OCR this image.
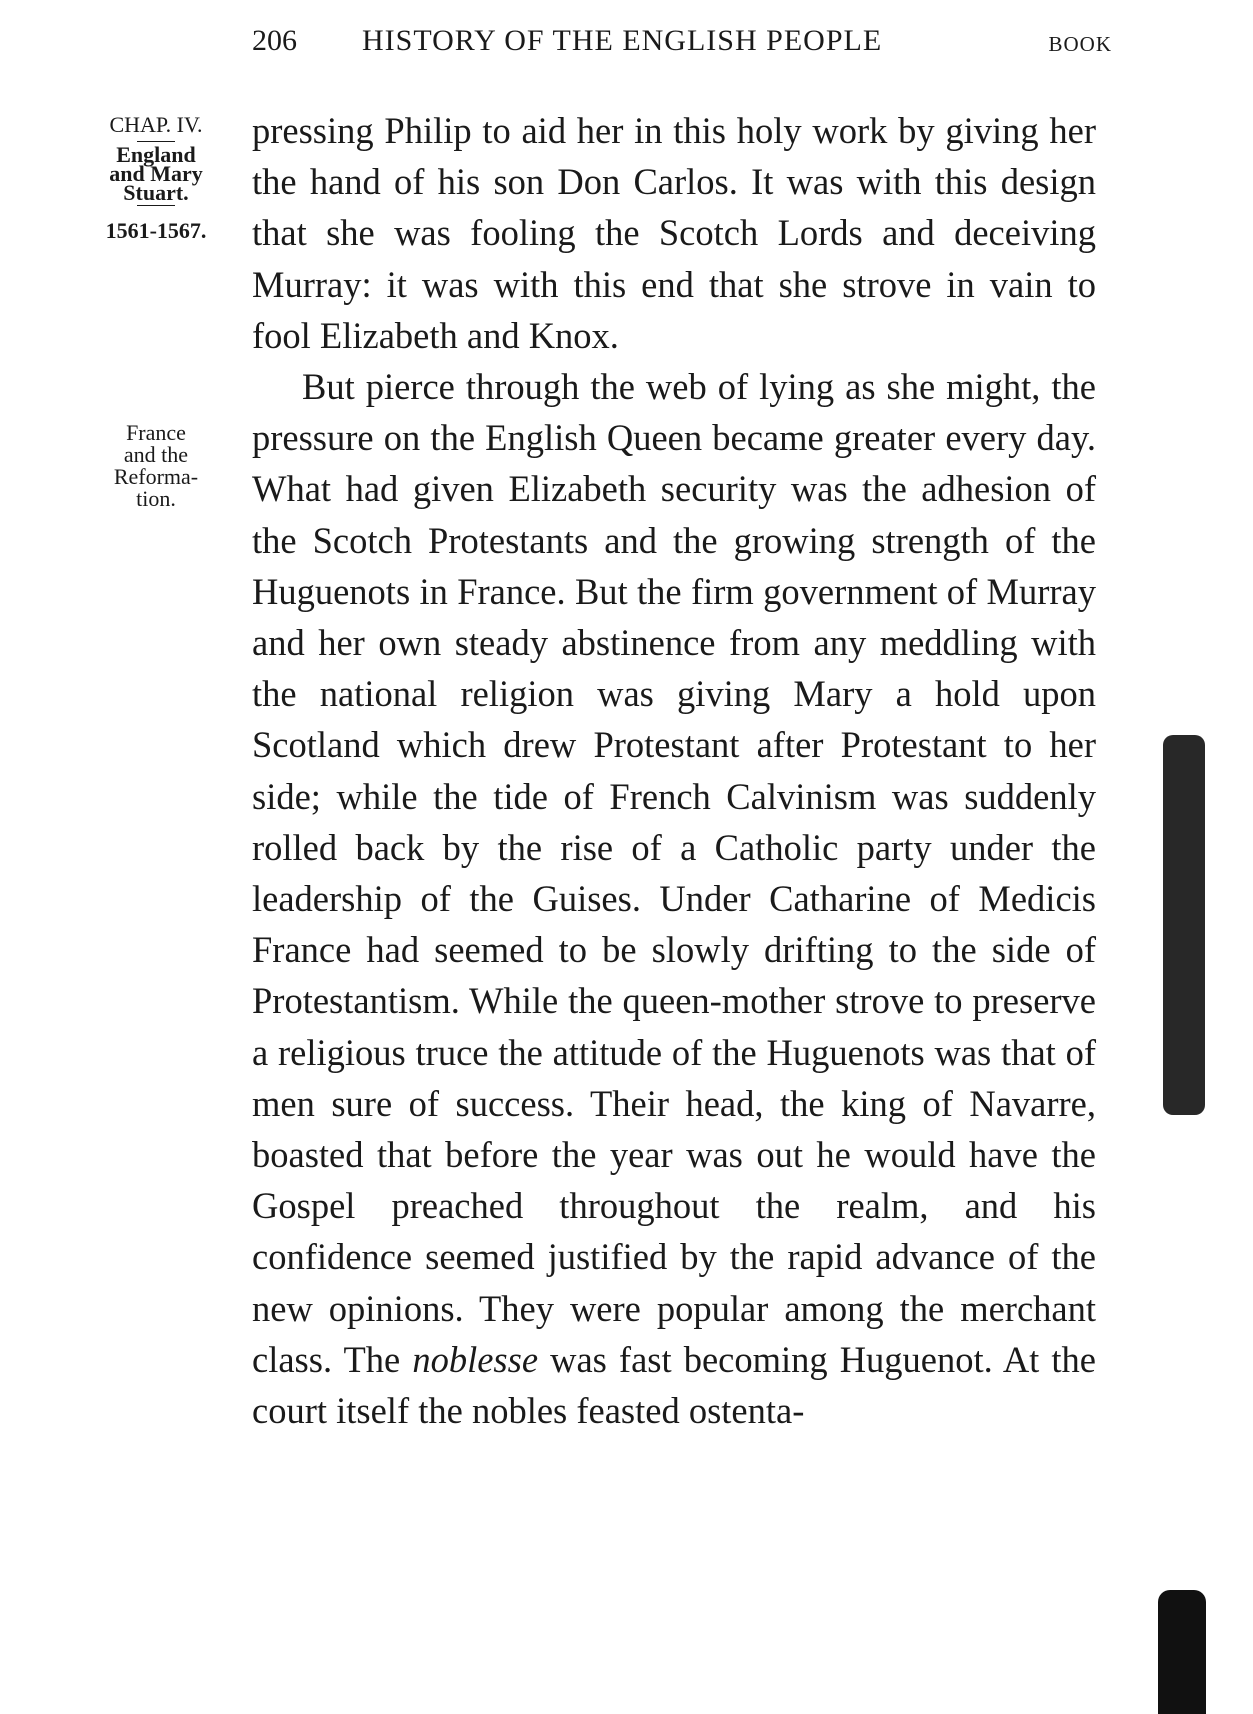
206 HISTORY OF THE ENGLISH PEOPLE	BOOK
CHAP. IV.
England
and Mary
Stuart.
1561-1567.
France
and the
Reforma-
tion.

pressing Philip to aid her in this holy work by giving her the hand of his son Don Carlos. It was with this design that she was fooling the Scotch Lords and deceiving Murray: it was with this end that she strove in vain to fool Elizabeth and Knox.

But pierce through the web of lying as she might, the pressure on the English Queen became greater every day. What had given Elizabeth security was the adhesion of the Scotch Protestants and the growing strength of the Huguenots in France. But the firm government of Murray and her own steady abstinence from any meddling with the national religion was giving Mary a hold upon Scotland which drew Protestant after Protestant to her side; while the tide of French Calvinism was suddenly rolled back by the rise of a Catholic party under the leadership of the Guises. Under Catharine of Medicis France had seemed to be slowly drifting to the side of Protestantism. While the queen-mother strove to preserve a religious truce the attitude of the Huguenots was that of men sure of success. Their head, the king of Navarre, boasted that before the year was out he would have the Gospel preached throughout the realm, and his confidence seemed justified by the rapid advance of the new opinions. They were popular among the merchant class. The noblesse was fast becoming Huguenot. At the court itself the nobles feasted ostenta-
